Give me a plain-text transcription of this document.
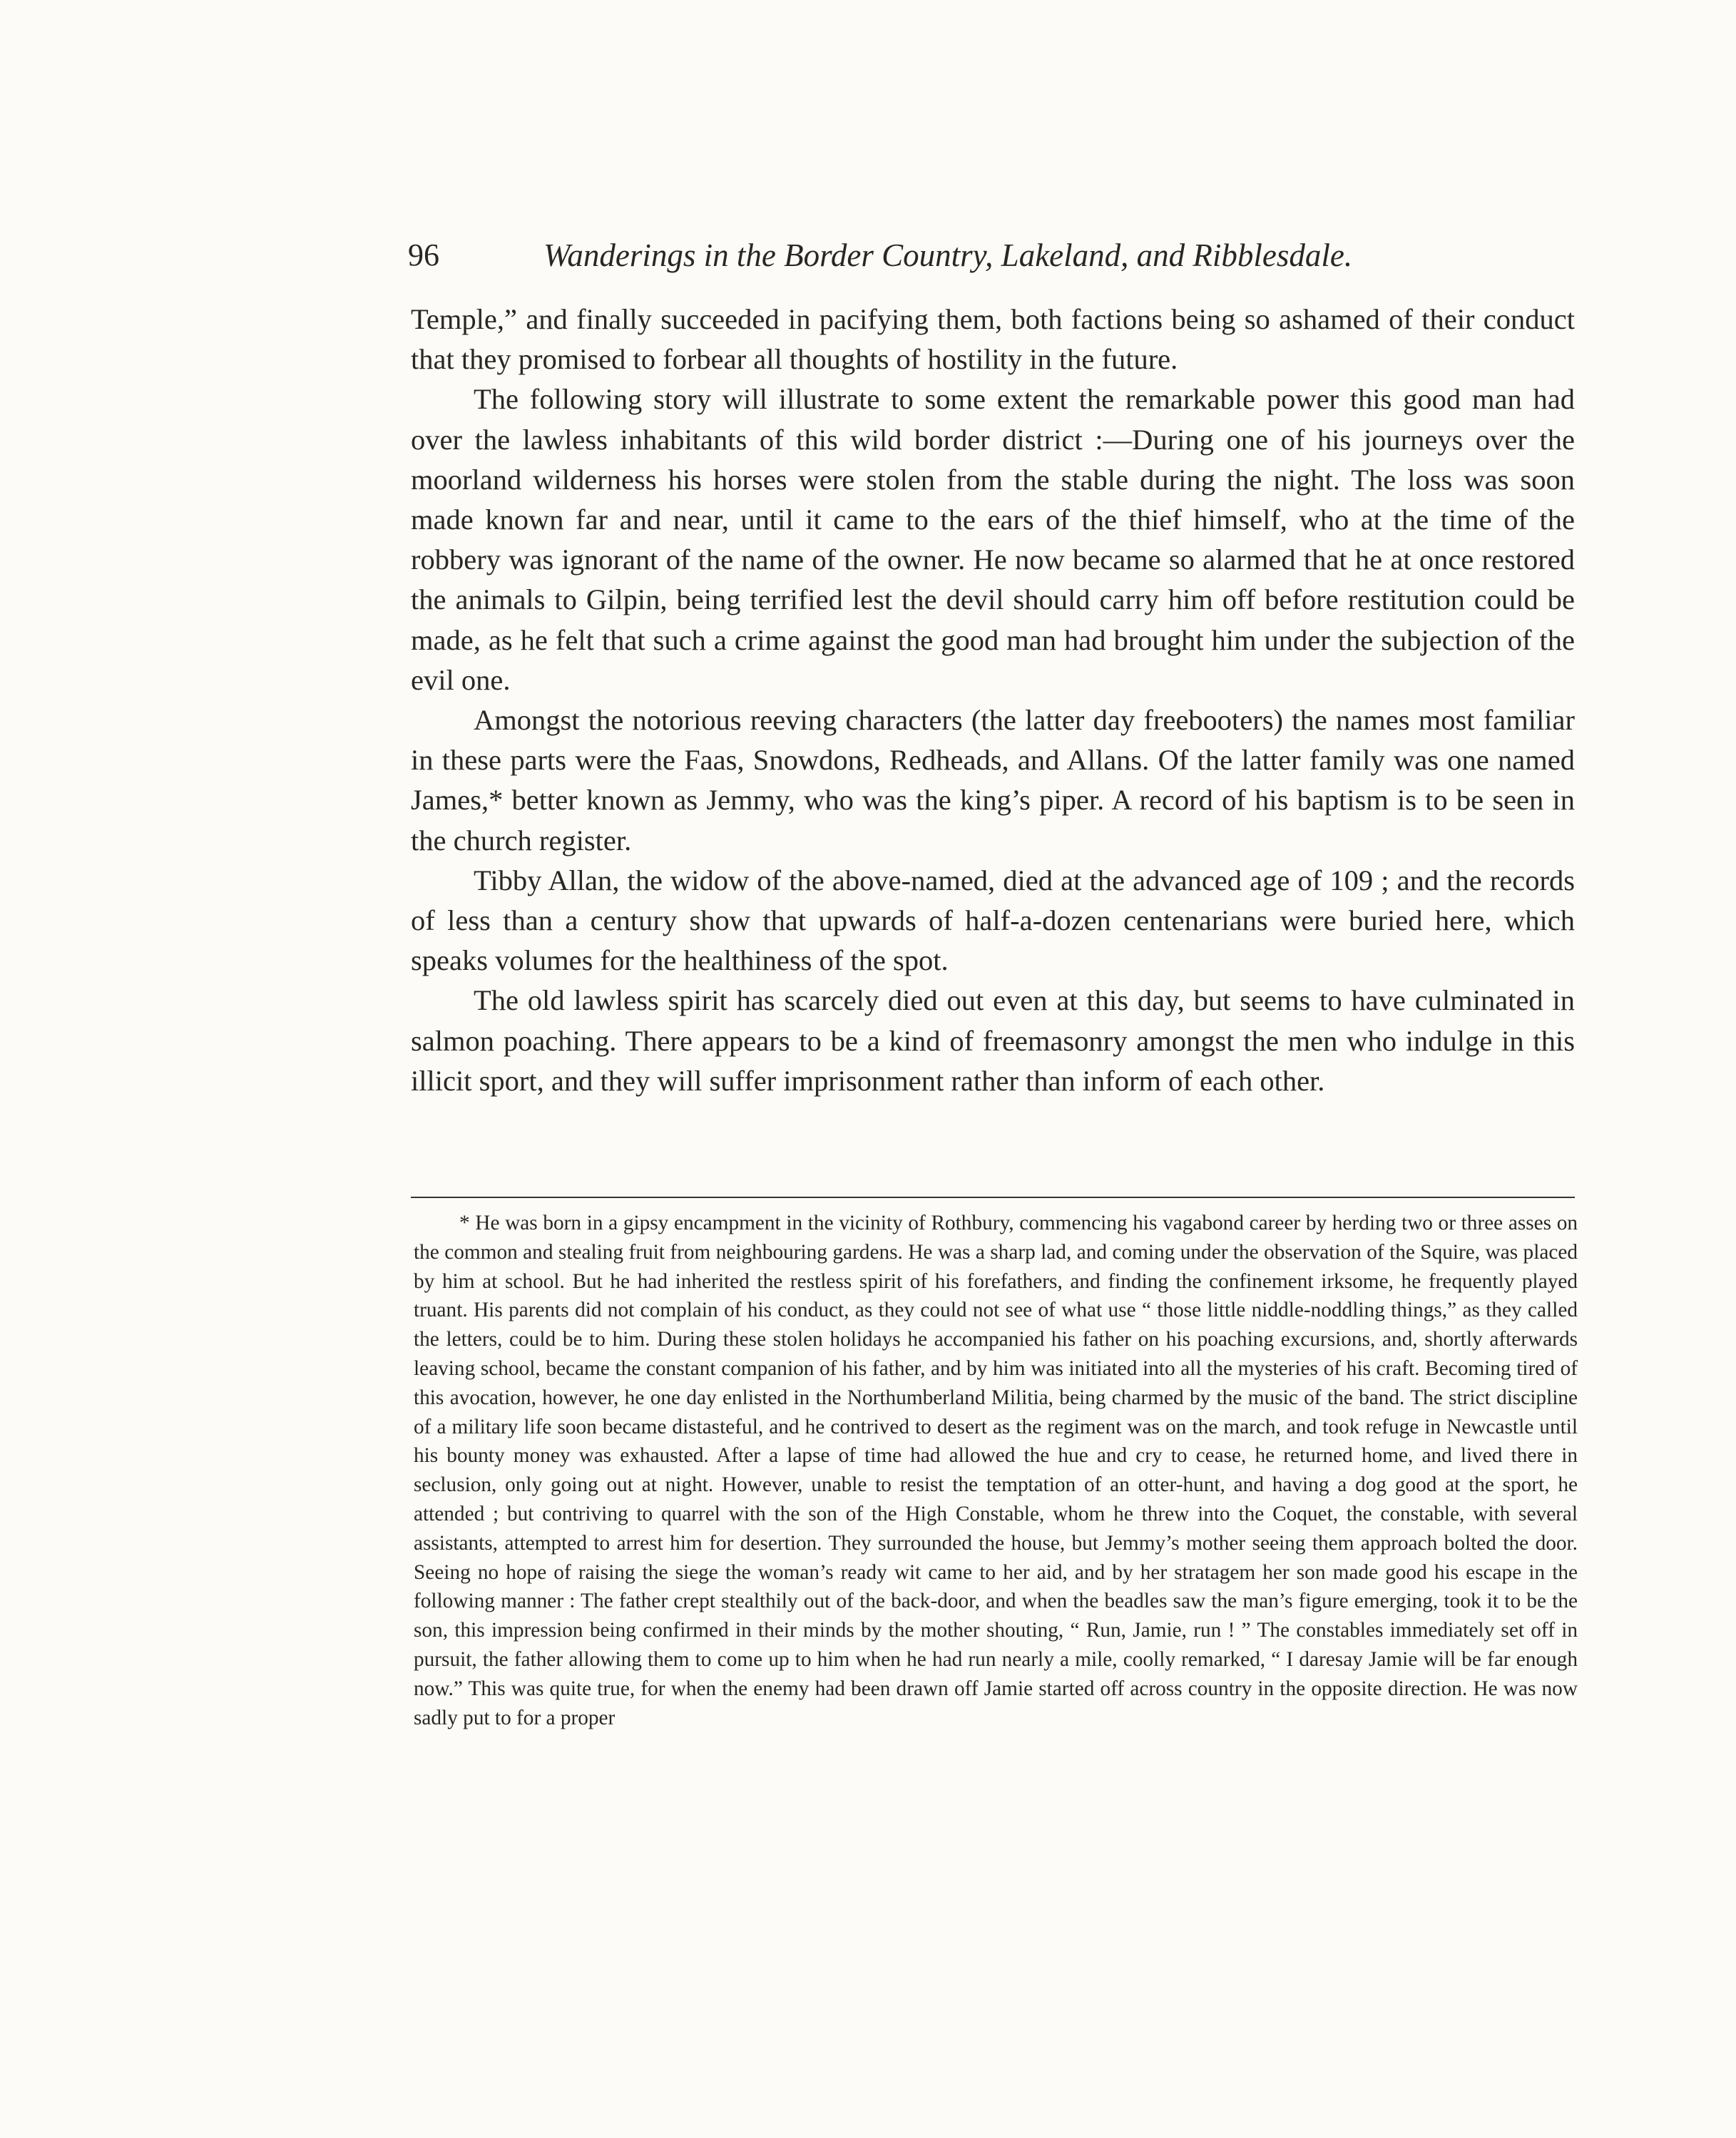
96	Wanderings in the Border Country, Lakeland, and Ribblesdale.

Temple,” and finally succeeded in pacifying them, both factions being so ashamed of their conduct that they promised to forbear all thoughts of hostility in the future.

The following story will illustrate to some extent the remarkable power this good man had over the lawless inhabitants of this wild border district :—During one of his journeys over the moorland wilderness his horses were stolen from the stable during the night. The loss was soon made known far and near, until it came to the ears of the thief himself, who at the time of the robbery was ignorant of the name of the owner. He now became so alarmed that he at once restored the animals to Gilpin, being terrified lest the devil should carry him off before restitution could be made, as he felt that such a crime against the good man had brought him under the subjection of the evil one.

Amongst the notorious reeving characters (the latter day freebooters) the names most familiar in these parts were the Faas, Snowdons, Redheads, and Allans. Of the latter family was one named James,* better known as Jemmy, who was the king’s piper. A record of his baptism is to be seen in the church register.

Tibby Allan, the widow of the above-named, died at the advanced age of 109 ; and the records of less than a century show that upwards of half-a-dozen centenarians were buried here, which speaks volumes for the healthiness of the spot.

The old lawless spirit has scarcely died out even at this day, but seems to have culminated in salmon poaching. There appears to be a kind of freemasonry amongst the men who indulge in this illicit sport, and they will suffer imprisonment rather than inform of each other.

* He was born in a gipsy encampment in the vicinity of Rothbury, commencing his vagabond career by herding two or three asses on the common and stealing fruit from neighbouring gardens. He was a sharp lad, and coming under the observation of the Squire, was placed by him at school. But he had inherited the restless spirit of his forefathers, and finding the confinement irksome, he frequently played truant. His parents did not complain of his conduct, as they could not see of what use “ those little niddle-noddling things,” as they called the letters, could be to him. During these stolen holidays he accompanied his father on his poaching excursions, and, shortly afterwards leaving school, became the constant companion of his father, and by him was initiated into all the mysteries of his craft. Becoming tired of this avocation, however, he one day enlisted in the Northumberland Militia, being charmed by the music of the band. The strict discipline of a military life soon became distasteful, and he contrived to desert as the regiment was on the march, and took refuge in Newcastle until his bounty money was exhausted. After a lapse of time had allowed the hue and cry to cease, he returned home, and lived there in seclusion, only going out at night. However, unable to resist the temptation of an otter-hunt, and having a dog good at the sport, he attended ; but contriving to quarrel with the son of the High Constable, whom he threw into the Coquet, the constable, with several assistants, attempted to arrest him for desertion. They surrounded the house, but Jemmy’s mother seeing them approach bolted the door. Seeing no hope of raising the siege the woman’s ready wit came to her aid, and by her stratagem her son made good his escape in the following manner : The father crept stealthily out of the back-door, and when the beadles saw the man’s figure emerging, took it to be the son, this impression being confirmed in their minds by the mother shouting, “ Run, Jamie, run ! ” The constables immediately set off in pursuit, the father allowing them to come up to him when he had run nearly a mile, coolly remarked, “ I daresay Jamie will be far enough now.” This was quite true, for when the enemy had been drawn off Jamie started off across country in the opposite direction. He was now sadly put to for a proper
